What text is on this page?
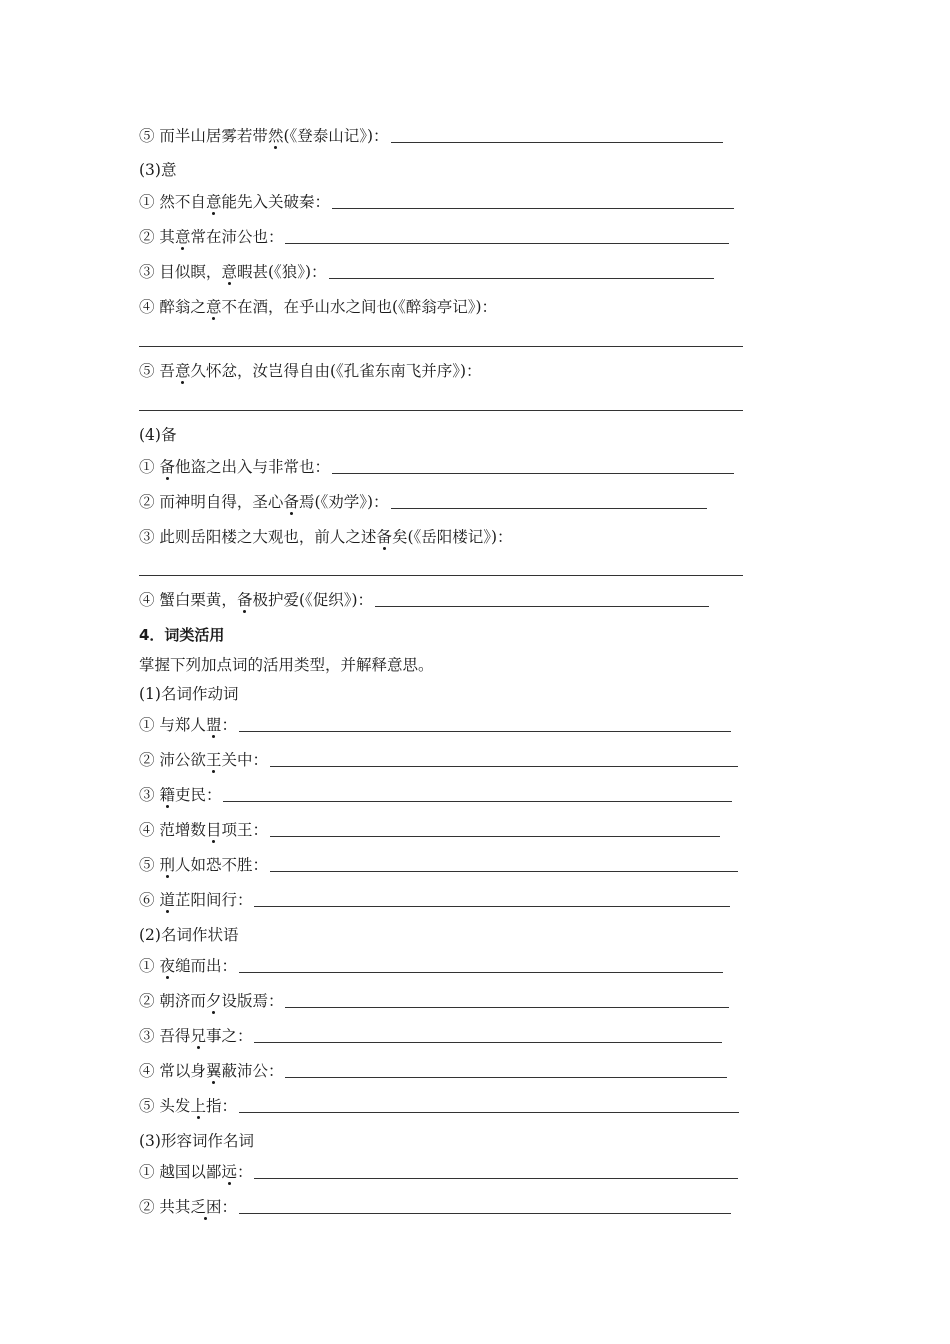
⑤ 而半山居雾若带然(《登泰山记》)：
(3)意
① 然不自意能先入关破秦：
② 其意常在沛公也：
③ 目似瞑，意暇甚(《狼》)：
④ 醉翁之意不在酒，在乎山水之间也(《醉翁亭记》)：
⑤ 吾意久怀忿，汝岂得自由(《孔雀东南飞并序》)：
(4)备
① 备他盗之出入与非常也：
② 而神明自得，圣心备焉(《劝学》)：
③ 此则岳阳楼之大观也，前人之述备矣(《岳阳楼记》)：
④ 蟹白栗黄，备极护爱(《促织》)：
4．词类活用
掌握下列加点词的活用类型，并解释意思。
(1)名词作动词
① 与郑人盟：
② 沛公欲王关中：
③ 籍吏民：
④ 范增数目项王：
⑤ 刑人如恐不胜：
⑥ 道芷阳间行：
(2)名词作状语
① 夜缒而出：
② 朝济而夕设版焉：
③ 吾得兄事之：
④ 常以身翼蔽沛公：
⑤ 头发上指：
(3)形容词作名词
① 越国以鄙远：
② 共其乏困：
